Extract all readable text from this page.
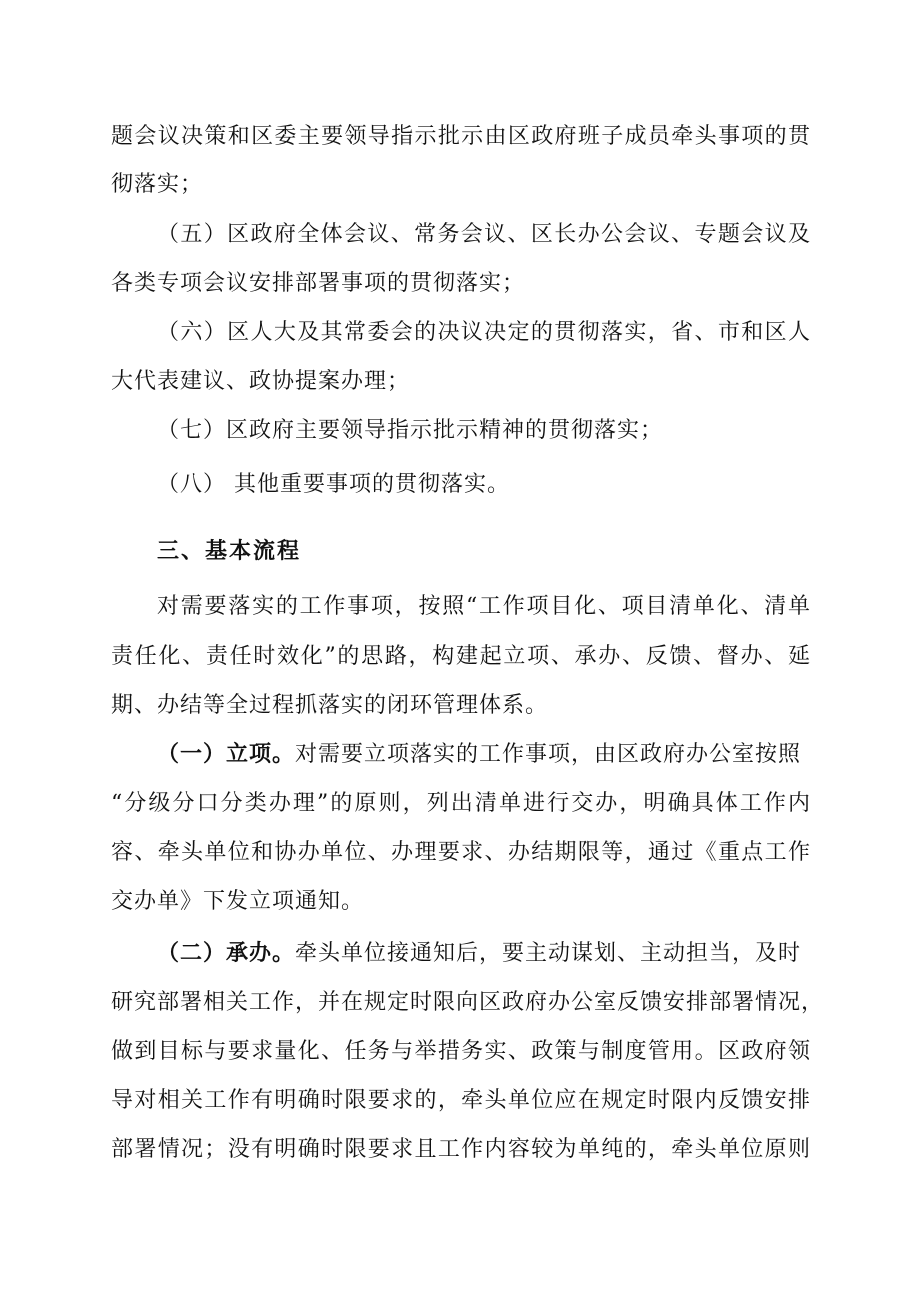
题会议决策和区委主要领导指示批示由区政府班子成员牵头事项的贯
彻落实；
（五）区政府全体会议、常务会议、区长办公会议、专题会议及
各类专项会议安排部署事项的贯彻落实；
（六）区人大及其常委会的决议决定的贯彻落实，省、市和区人
大代表建议、政协提案办理；
（七）区政府主要领导指示批示精神的贯彻落实；
（八） 其他重要事项的贯彻落实。
三、基本流程
对需要落实的工作事项，按照“工作项目化、项目清单化、清单
责任化、责任时效化”的思路，构建起立项、承办、反馈、督办、延
期、办结等全过程抓落实的闭环管理体系。
（一）立项。对需要立项落实的工作事项，由区政府办公室按照
“分级分口分类办理”的原则，列出清单进行交办，明确具体工作内
容、牵头单位和协办单位、办理要求、办结期限等，通过《重点工作
交办单》下发立项通知。
（二）承办。牵头单位接通知后，要主动谋划、主动担当，及时
研究部署相关工作，并在规定时限向区政府办公室反馈安排部署情况，
做到目标与要求量化、任务与举措务实、政策与制度管用。区政府领
导对相关工作有明确时限要求的，牵头单位应在规定时限内反馈安排
部署情况；没有明确时限要求且工作内容较为单纯的，牵头单位原则
